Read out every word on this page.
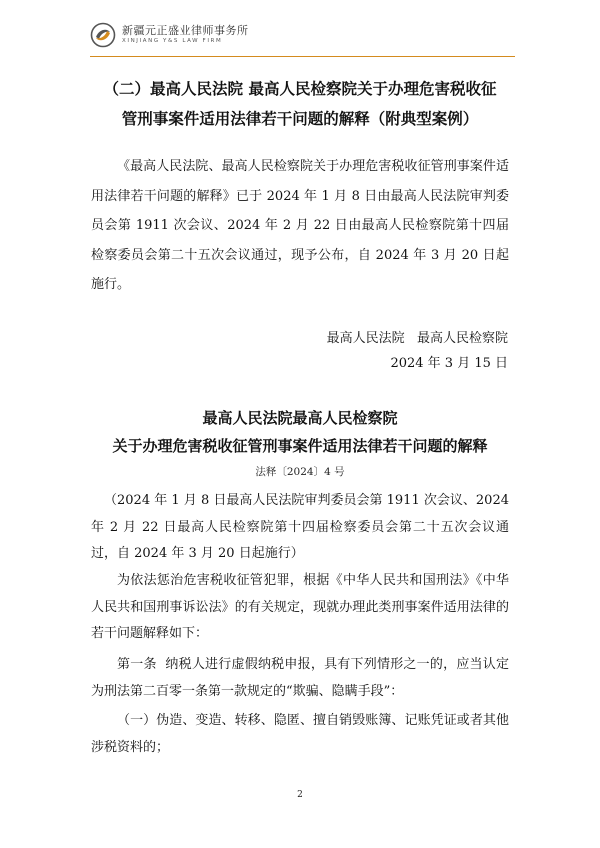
新疆元正盛业律师事务所
XINJIANG Y&S LAW FIRM
（二）最高人民法院 最高人民检察院关于办理危害税收征
管刑事案件适用法律若干问题的解释（附典型案例）
《最高人民法院、最高人民检察院关于办理危害税收征管刑事案件适用法律若干问题的解释》已于 2024 年 1 月 8 日由最高人民法院审判委员会第 1911 次会议、2024 年 2 月 22 日由最高人民检察院第十四届检察委员会第二十五次会议通过，现予公布，自 2024 年 3 月 20 日起施行。
最高人民法院   最高人民检察院
2024 年 3 月 15 日
最高人民法院最高人民检察院
关于办理危害税收征管刑事案件适用法律若干问题的解释
法释〔2024〕4 号
（2024 年 1 月 8 日最高人民法院审判委员会第 1911 次会议、2024 年 2 月 22 日最高人民检察院第十四届检察委员会第二十五次会议通过，自 2024 年 3 月 20 日起施行）
为依法惩治危害税收征管犯罪，根据《中华人民共和国刑法》《中华人民共和国刑事诉讼法》的有关规定，现就办理此类刑事案件适用法律的若干问题解释如下：
第一条  纳税人进行虚假纳税申报，具有下列情形之一的，应当认定为刑法第二百零一条第一款规定的“欺骗、隐瞒手段”：
（一）伪造、变造、转移、隐匿、擅自销毁账簿、记账凭证或者其他涉税资料的；
2
